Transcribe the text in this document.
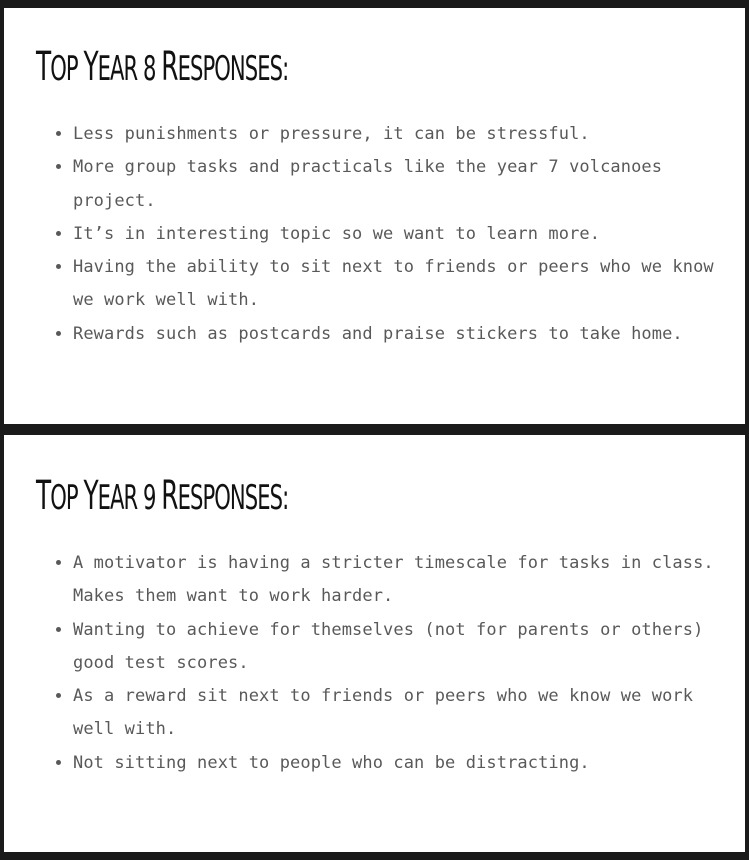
TOP YEAR 8 RESPONSES:
• Less punishments or pressure, it can be stressful.
• More group tasks and practicals like the year 7 volcanoes project.
• It’s in interesting topic so we want to learn more.
• Having the ability to sit next to friends or peers who we know we work well with.
• Rewards such as postcards and praise stickers to take home.
TOP YEAR 9 RESPONSES:
• A motivator is having a stricter timescale for tasks in class. Makes them want to work harder.
• Wanting to achieve for themselves (not for parents or others) good test scores.
• As a reward sit next to friends or peers who we know we work well with.
• Not sitting next to people who can be distracting.
